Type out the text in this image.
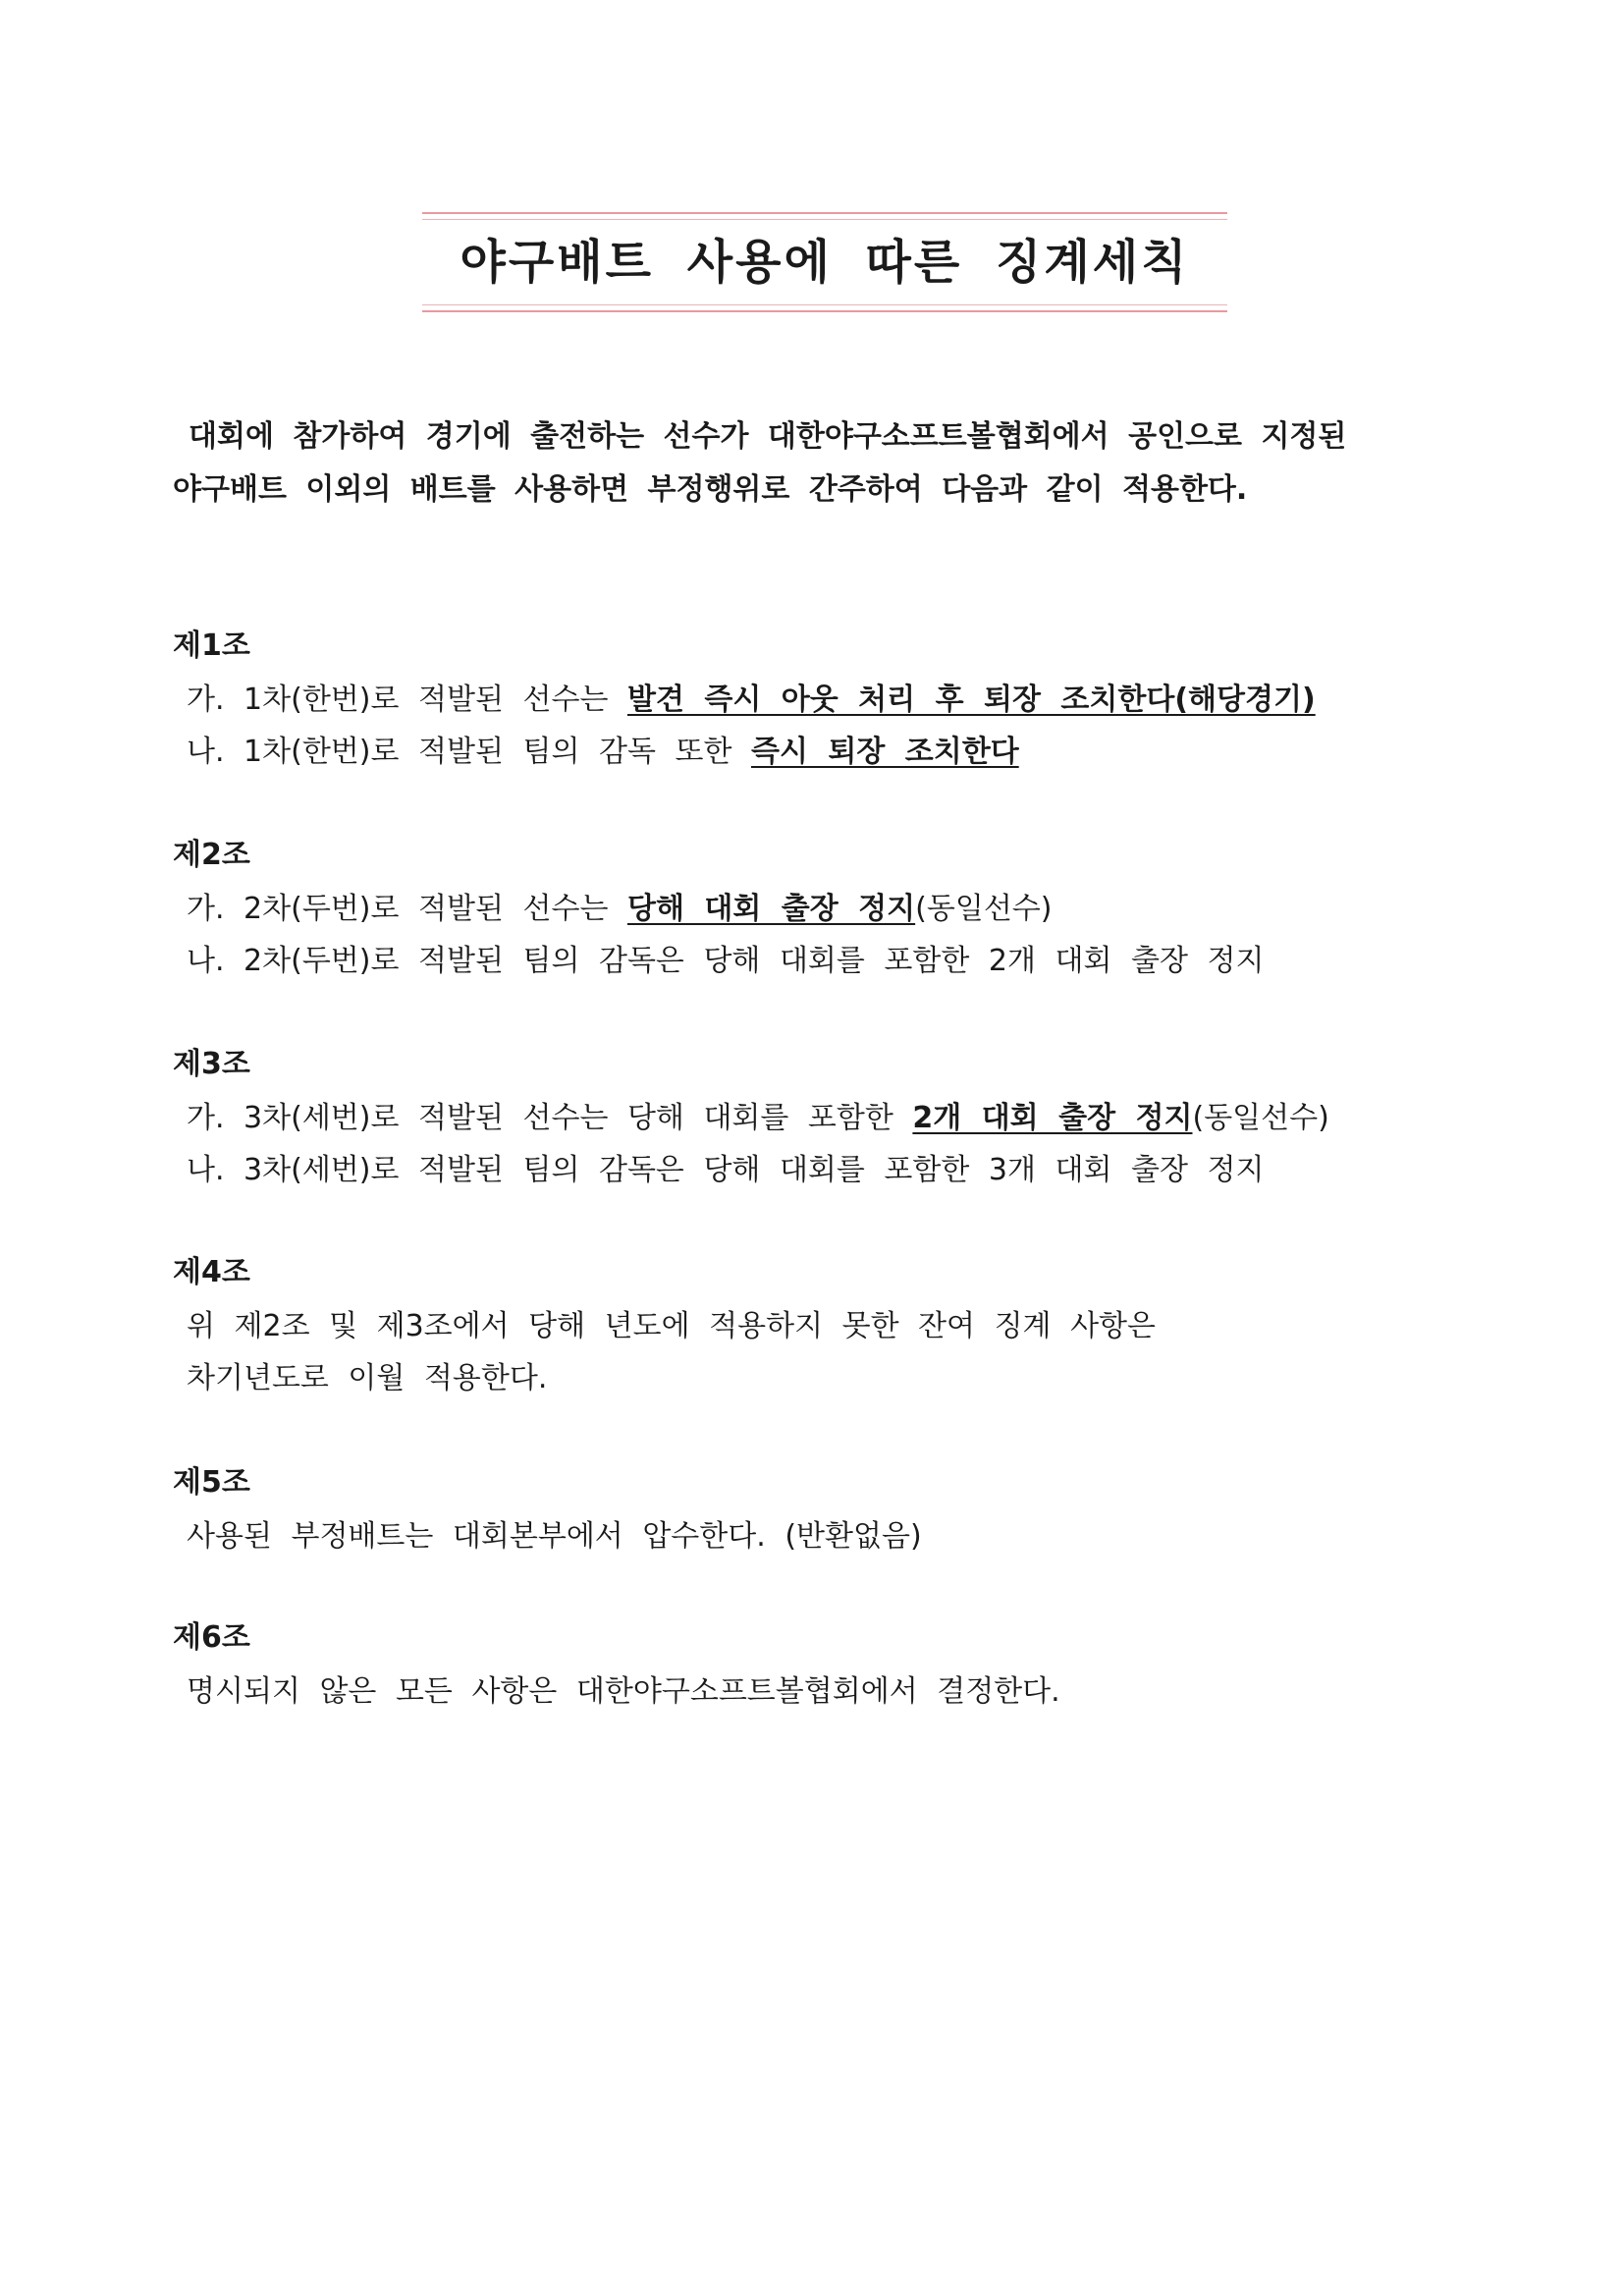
야구배트 사용에 따른 징계세칙

대회에 참가하여 경기에 출전하는 선수가 대한야구소프트볼협회에서 공인으로 지정된
야구배트 이외의 배트를 사용하면 부정행위로 간주하여 다음과 같이 적용한다.

제1조

가. 1차(한번)로 적발된 선수는 발견 즉시 아웃 처리 후 퇴장 조치한다(해당경기)

나. 1차(한번)로 적발된 팀의 감독 또한 즉시 퇴장 조치한다

제2조

가. 2차(두번)로 적발된 선수는 당해 대회 출장 정지(동일선수)

나. 2차(두번)로 적발된 팀의 감독은 당해 대회를 포함한 2개 대회 출장 정지

제3조

가. 3차(세번)로 적발된 선수는 당해 대회를 포함한 2개 대회 출장 정지(동일선수)

나. 3차(세번)로 적발된 팀의 감독은 당해 대회를 포함한 3개 대회 출장 정지

제4조

위 제2조 및 제3조에서 당해 년도에 적용하지 못한 잔여 징계 사항은

차기년도로 이월 적용한다.

제5조

사용된 부정배트는 대회본부에서 압수한다. (반환없음)

제6조

명시되지 않은 모든 사항은 대한야구소프트볼협회에서 결정한다.
